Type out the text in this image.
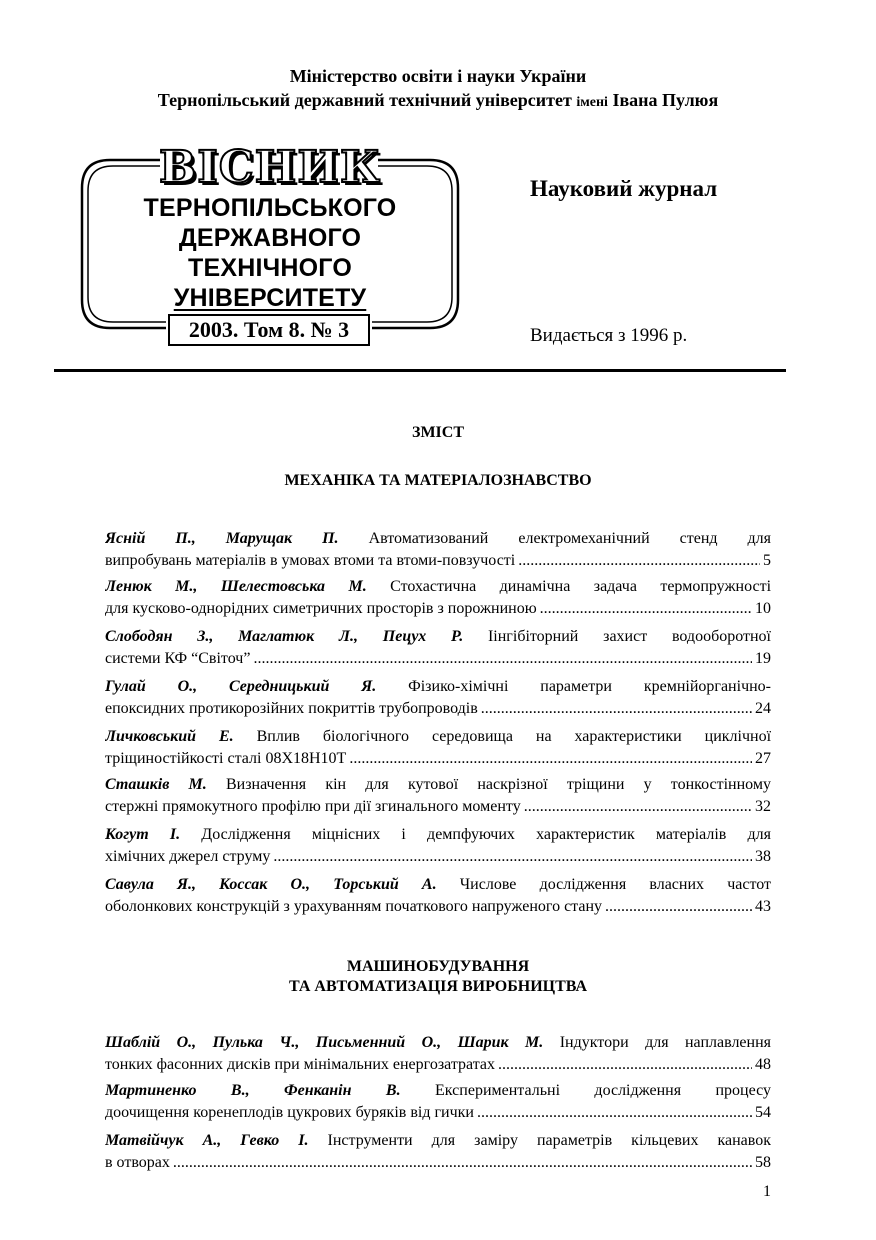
Міністерство освіти і науки України
Тернопільський державний технічний університет імені Івана Пулюя
ВІСНИК
ТЕРНОПІЛЬСЬКОГО
ДЕРЖАВНОГО
ТЕХНІЧНОГО
УНІВЕРСИТЕТУ
2003. Том 8. № 3
Науковий журнал
Видається з 1996 р.
ЗМІСТ
МЕХАНІКА ТА МАТЕРІАЛОЗНАВСТВО
Ясній П., Марущак П. Автоматизований електромеханічний стенд для
випробувань матеріалів в умовах втоми та втоми-повзучості .....	5
Ленюк М., Шелестовська М. Стохастична динамічна задача термопружності
для кусково-однорідних симетричних просторів з порожниною .....	10
Слободян З., Маглатюк Л., Пецух Р. Іінгібіторний захист водооборотної
системи КФ “Світоч” .....	19
Гулай О., Середницький Я. Фізико-хімічні параметри кремнійорганічно-
епоксидних протикорозійних покриттів трубопроводів .....	24
Личковський Е. Вплив біологічного середовища на характеристики циклічної
тріщиностійкості сталі 08Х18Н10Т .....	27
Сташків М. Визначення кін для кутової наскрізної тріщини у тонкостінному
стержні прямокутного профілю при дії згинального моменту .....	32
Когут І. Дослідження міцнісних і демпфуючих характеристик матеріалів для
хімічних джерел струму .....	38
Савула Я., Коссак О., Торський А. Числове дослідження власних частот
оболонкових конструкцій з урахуванням початкового напруженого стану .....	43
МАШИНОБУДУВАННЯ
ТА АВТОМАТИЗАЦІЯ ВИРОБНИЦТВА
Шаблій О., Пулька Ч., Письменний О., Шарик М. Індуктори для наплавлення
тонких фасонних дисків при мінімальних енергозатратах .....	48
Мартиненко В., Фенканін В. Експериментальні дослідження процесу
доочищення коренеплодів цукрових буряків від гички .....	54
Матвійчук А., Гевко І. Інструменти для заміру параметрів кільцевих канавок
в отворах .....	58
1
